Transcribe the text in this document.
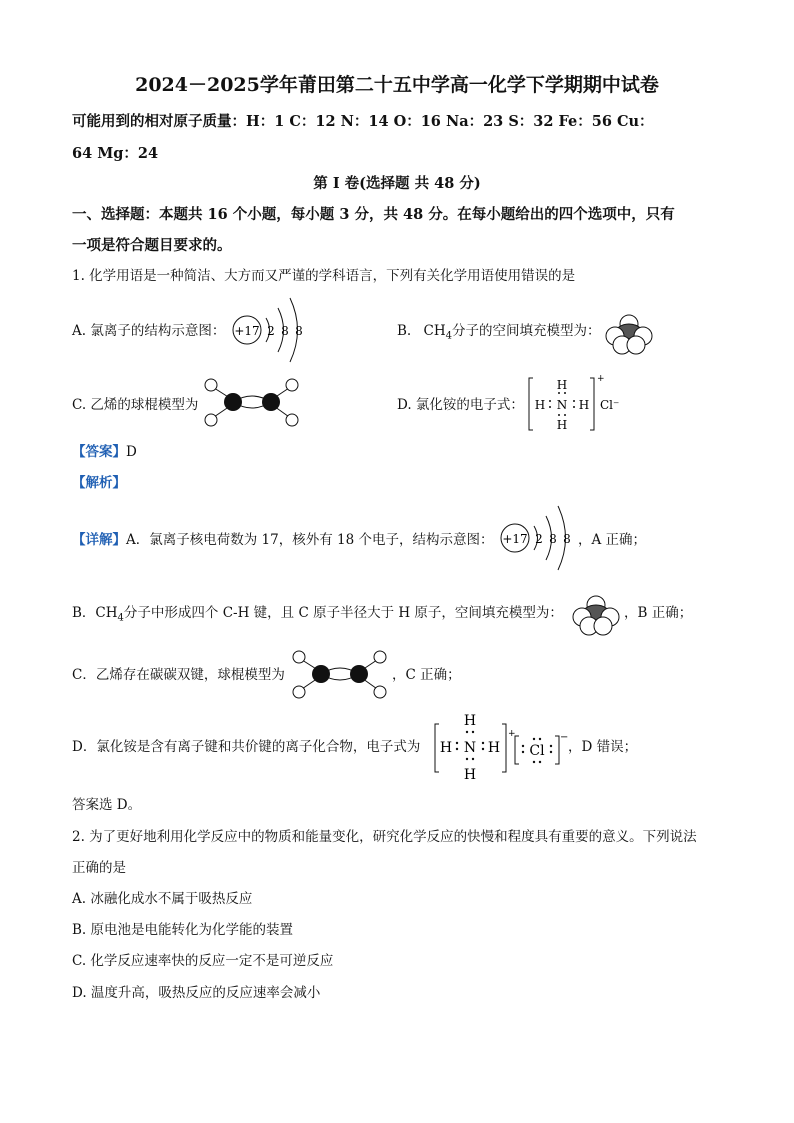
2024－2025学年莆田第二十五中学高一化学下学期期中试卷
可能用到的相对原子质量：H：1 C：12 N：14 O：16 Na：23 S：32 Fe：56 Cu：
64 Mg：24
第 I 卷(选择题 共 48 分)
一、选择题：本题共 16 个小题，每小题 3 分，共 48 分。在每小题给出的四个选项中，只有
一项是符合题目要求的。
1. 化学用语是一种简洁、大方而又严谨的学科语言，下列有关化学用语使用错误的是
A. 氯离子的结构示意图： +17 2 8 8	B. $CH_4$分子的空间填充模型为：
C. 乙烯的球棍模型为	D. 氯化铵的电子式：
H
H N H
H
+
Cl⁻
【答案】D
【解析】
【详解】A．氯离子核电荷数为 17，核外有 18 个电子，结构示意图： +17 2 8 8 ，A 正确；
B．$CH_4$分子中形成四个 C-H 键，且 C 原子半径大于 H 原子，空间填充模型为：	，B 正确；
C．乙烯存在碳碳双键，球棍模型为	，C 正确；
D．氯化铵是含有离子键和共价键的离子化合物，电子式为
H
H N H
H
+
Cl
−
，D 错误；
答案选 D。
2. 为了更好地利用化学反应中的物质和能量变化，研究化学反应的快慢和程度具有重要的意义。下列说法
正确的是
A. 冰融化成水不属于吸热反应
B. 原电池是电能转化为化学能的装置
C. 化学反应速率快的反应一定不是可逆反应
D. 温度升高，吸热反应的反应速率会减小
